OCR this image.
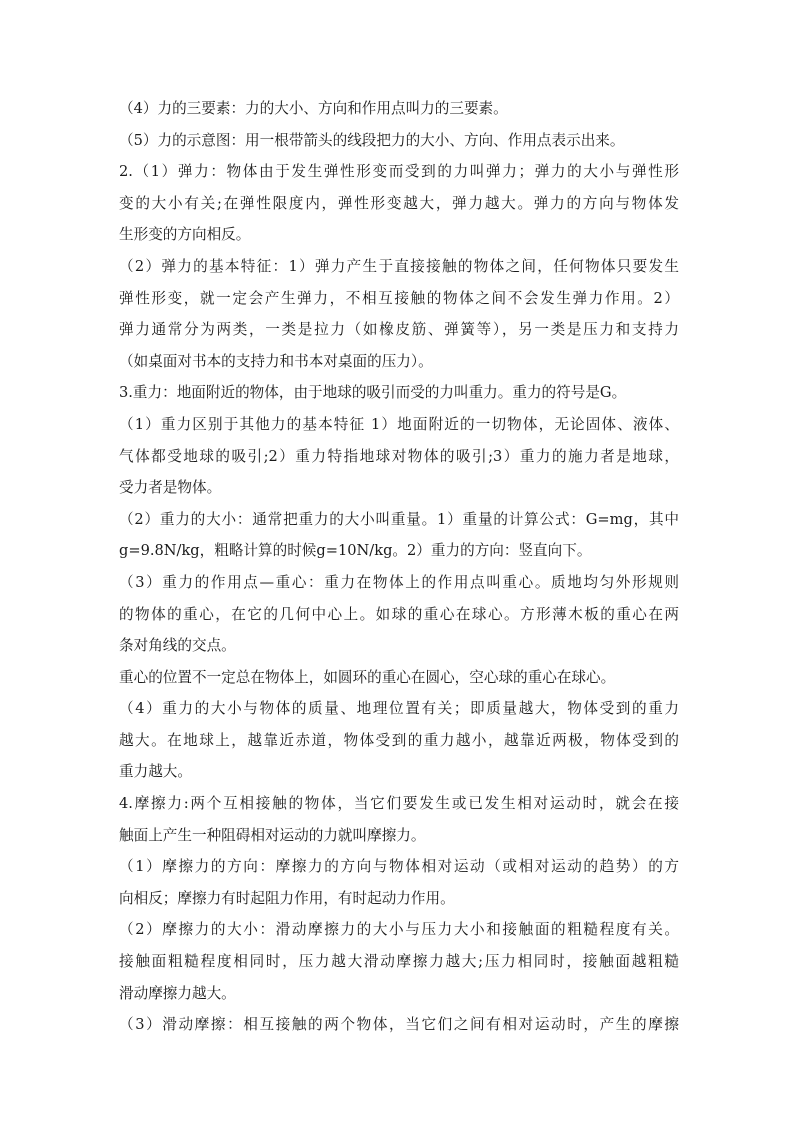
（4）力的三要素：力的大小、方向和作用点叫力的三要素。
（5）力的示意图：用一根带箭头的线段把力的大小、方向、作用点表示出来。
2.（1）弹力：物体由于发生弹性形变而受到的力叫弹力；弹力的大小与弹性形
变的大小有关;在弹性限度内，弹性形变越大，弹力越大。弹力的方向与物体发
生形变的方向相反。
（2）弹力的基本特征：1）弹力产生于直接接触的物体之间，任何物体只要发生
弹性形变，就一定会产生弹力，不相互接触的物体之间不会发生弹力作用。2）
弹力通常分为两类，一类是拉力（如橡皮筋、弹簧等），另一类是压力和支持力
（如桌面对书本的支持力和书本对桌面的压力）。
3.重力：地面附近的物体，由于地球的吸引而受的力叫重力。重力的符号是G。
（1）重力区别于其他力的基本特征 1）地面附近的一切物体，无论固体、液体、
气体都受地球的吸引;2）重力特指地球对物体的吸引;3）重力的施力者是地球，
受力者是物体。
（2）重力的大小：通常把重力的大小叫重量。1）重量的计算公式：G=mg，其中
g=9.8N/kg，粗略计算的时候g=10N/kg。2）重力的方向：竖直向下。
（3）重力的作用点—重心：重力在物体上的作用点叫重心。质地均匀外形规则
的物体的重心，在它的几何中心上。如球的重心在球心。方形薄木板的重心在两
条对角线的交点。
重心的位置不一定总在物体上，如圆环的重心在圆心，空心球的重心在球心。
（4）重力的大小与物体的质量、地理位置有关；即质量越大，物体受到的重力
越大。在地球上，越靠近赤道，物体受到的重力越小，越靠近两极，物体受到的
重力越大。
4.摩擦力:两个互相接触的物体，当它们要发生或已发生相对运动时，就会在接
触面上产生一种阻碍相对运动的力就叫摩擦力。
（1）摩擦力的方向：摩擦力的方向与物体相对运动（或相对运动的趋势）的方
向相反；摩擦力有时起阻力作用，有时起动力作用。
（2）摩擦力的大小：滑动摩擦力的大小与压力大小和接触面的粗糙程度有关。
接触面粗糙程度相同时，压力越大滑动摩擦力越大;压力相同时，接触面越粗糙
滑动摩擦力越大。
（3）滑动摩擦：相互接触的两个物体，当它们之间有相对运动时，产生的摩擦
